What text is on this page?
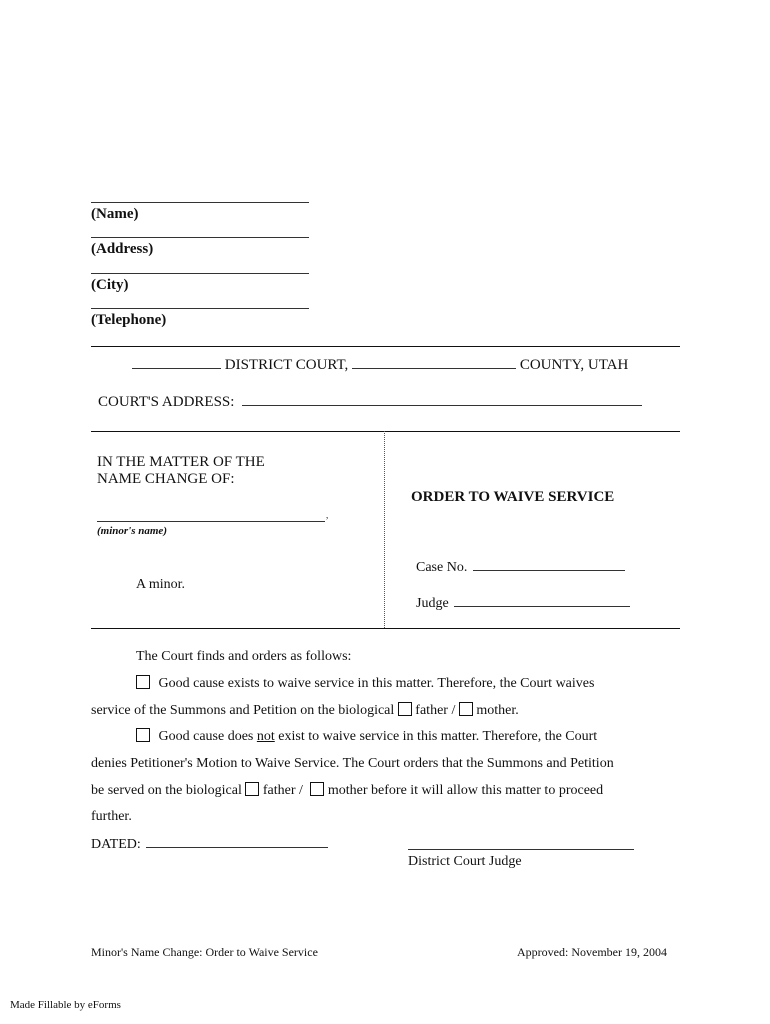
(Name)
(Address)
(City)
(Telephone)
DISTRICT COURT,	COUNTY, UTAH
COURT'S ADDRESS:
IN THE MATTER OF THE
NAME CHANGE OF:
,
(minor's name)
A minor.
ORDER TO WAIVE SERVICE
Case No.
Judge
The Court finds and orders as follows:
Good cause exists to waive service in this matter. Therefore, the Court waives
service of the Summons and Petition on the biological father / mother.
Good cause does not exist to waive service in this matter. Therefore, the Court
denies Petitioner's Motion to Waive Service. The Court orders that the Summons and Petition
be served on the biological father / mother before it will allow this matter to proceed
further.
DATED:
District Court Judge
Minor's Name Change: Order to Waive Service	Approved: November 19, 2004
Made Fillable by eForms
